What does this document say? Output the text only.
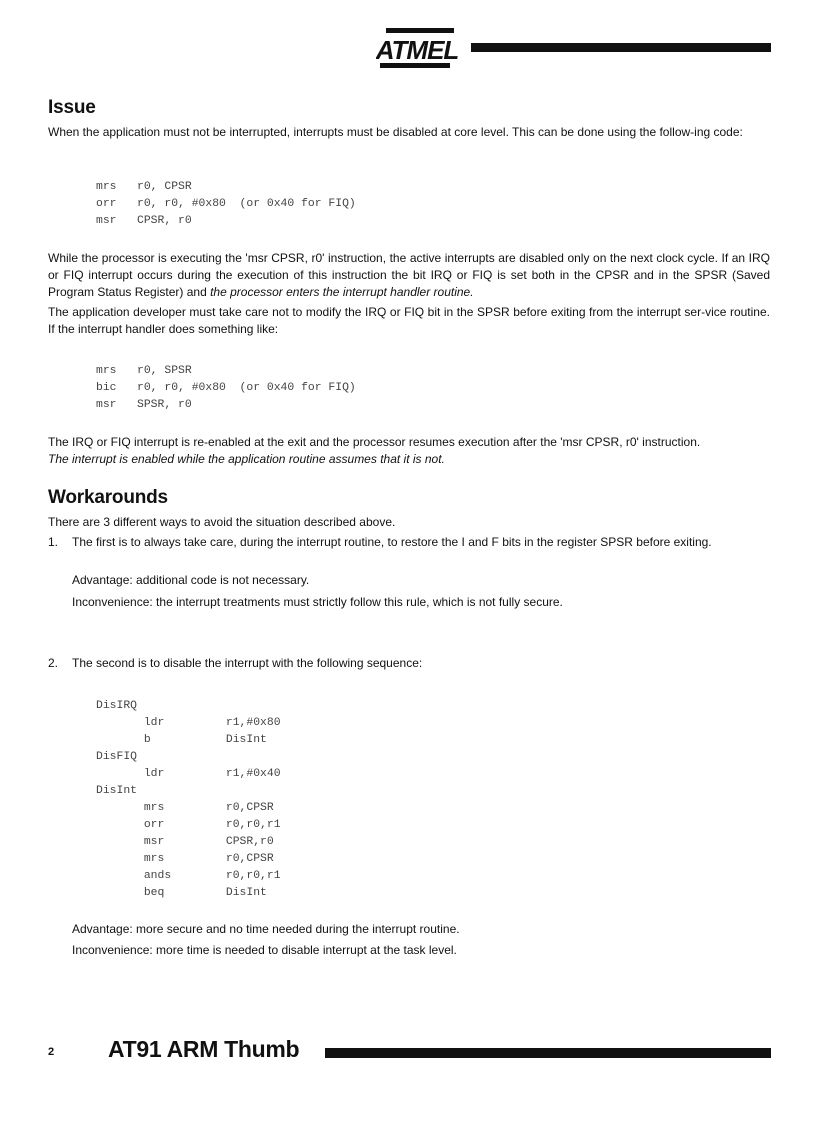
ATMEL
Issue

When the application must not be interrupted, interrupts must be disabled at core level. This can be done using the follow-ing code:

mrs   r0, CPSR
orr   r0, r0, #0x80  (or 0x40 for FIQ)
msr   CPSR, r0

While the processor is executing the 'msr CPSR, r0' instruction, the active interrupts are disabled only on the next clock cycle. If an IRQ or FIQ interrupt occurs during the execution of this instruction the bit IRQ or FIQ is set both in the CPSR and in the SPSR (Saved Program Status Register) and the processor enters the interrupt handler routine.

The application developer must take care not to modify the IRQ or FIQ bit in the SPSR before exiting from the interrupt ser-vice routine. If the interrupt handler does something like:

mrs   r0, SPSR
bic   r0, r0, #0x80  (or 0x40 for FIQ)
msr   SPSR, r0

The IRQ or FIQ interrupt is re-enabled at the exit and the processor resumes execution after the 'msr CPSR, r0' instruction.
The interrupt is enabled while the application routine assumes that it is not.

Workarounds

There are 3 different ways to avoid the situation described above.

1. The first is to always take care, during the interrupt routine, to restore the I and F bits in the register SPSR before exiting.

Advantage: additional code is not necessary.

Inconvenience: the interrupt treatments must strictly follow this rule, which is not fully secure.

2. The second is to disable the interrupt with the following sequence:

DisIRQ
ldr         r1,#0x80
b           DisInt
DisFIQ
ldr         r1,#0x40
DisInt
mrs         r0,CPSR
orr         r0,r0,r1
msr         CPSR,r0
mrs         r0,CPSR
ands        r0,r0,r1
beq         DisInt

Advantage: more secure and no time needed during the interrupt routine.

Inconvenience: more time is needed to disable interrupt at the task level.

2 AT91 ARM Thumb
